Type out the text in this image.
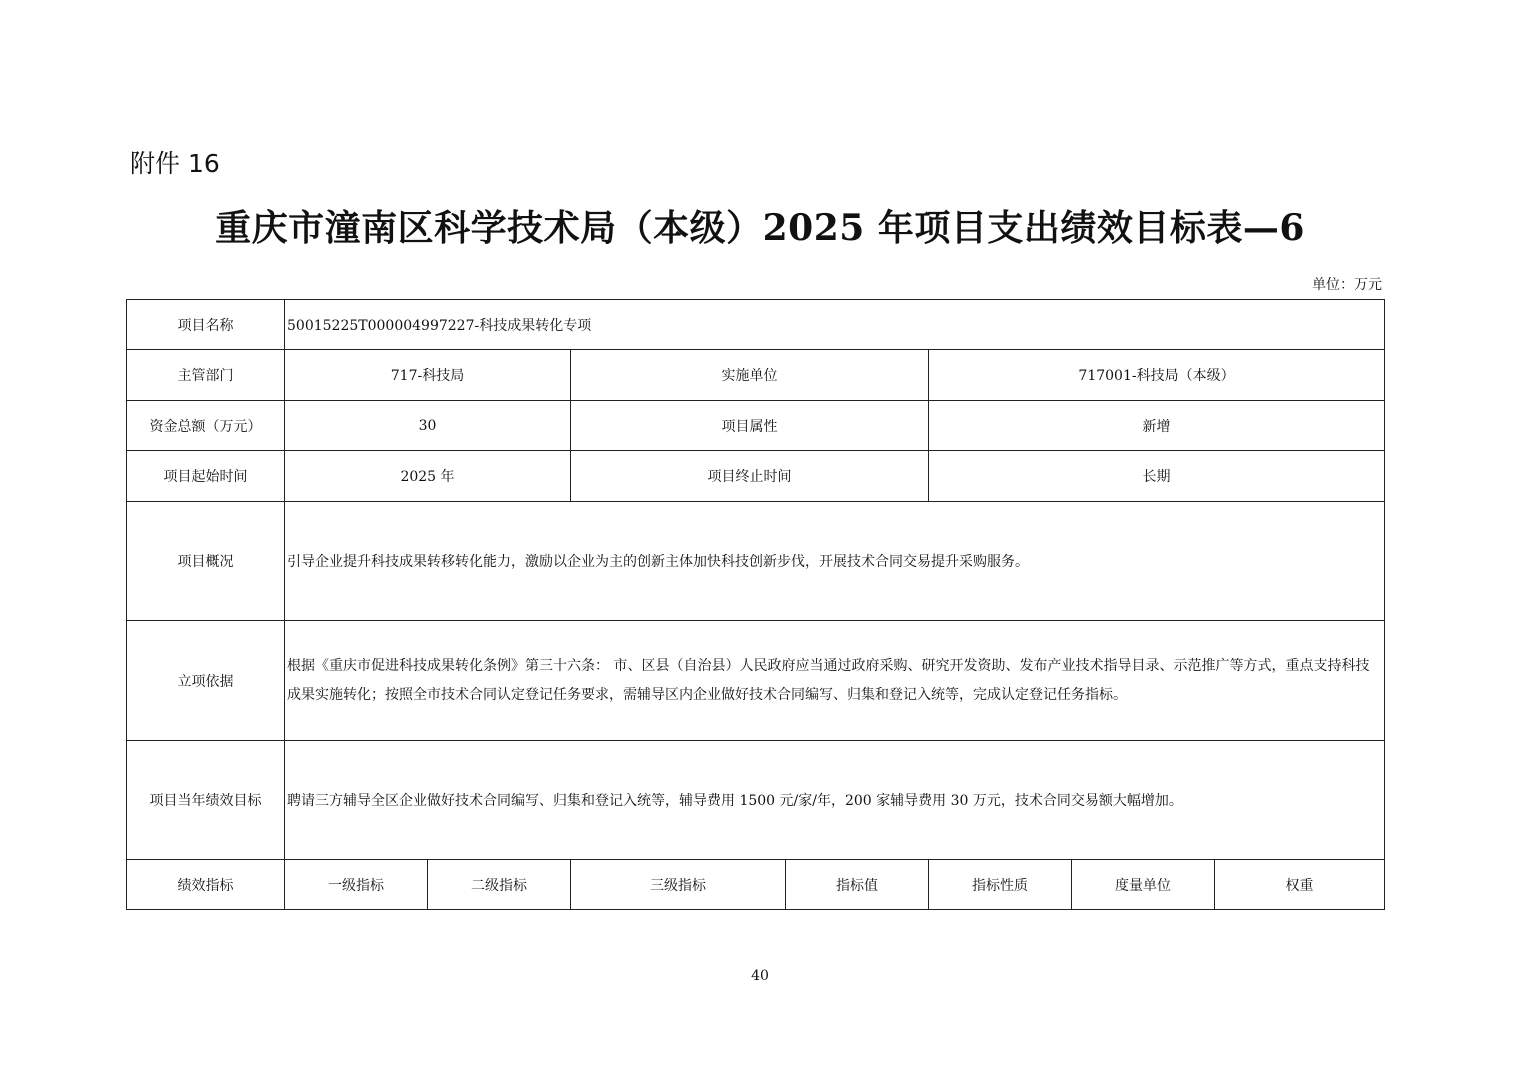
附件 16
重庆市潼南区科学技术局（本级）2025 年项目支出绩效目标表—6
单位：万元
项目名称	50015225T000004997227-科技成果转化专项						
主管部门	717-科技局		实施单位		717001-科技局（本级）		
资金总额（万元）	30		项目属性		新增		
项目起始时间	2025 年		项目终止时间		长期		
项目概况	引导企业提升科技成果转移转化能力，激励以企业为主的创新主体加快科技创新步伐，开展技术合同交易提升采购服务。						
立项依据	根据《重庆市促进科技成果转化条例》第三十六条： 市、区县（自治县）人民政府应当通过政府采购、研究开发资助、发布产业技术指导目录、示范推广等方式，重点支持科技成果实施转化；按照全市技术合同认定登记任务要求，需辅导区内企业做好技术合同编写、归集和登记入统等，完成认定登记任务指标。						
项目当年绩效目标	聘请三方辅导全区企业做好技术合同编写、归集和登记入统等，辅导费用 1500 元/家/年，200 家辅导费用 30 万元，技术合同交易额大幅增加。						
绩效指标	一级指标	二级指标	三级指标	指标值	指标性质	度量单位	权重
40
